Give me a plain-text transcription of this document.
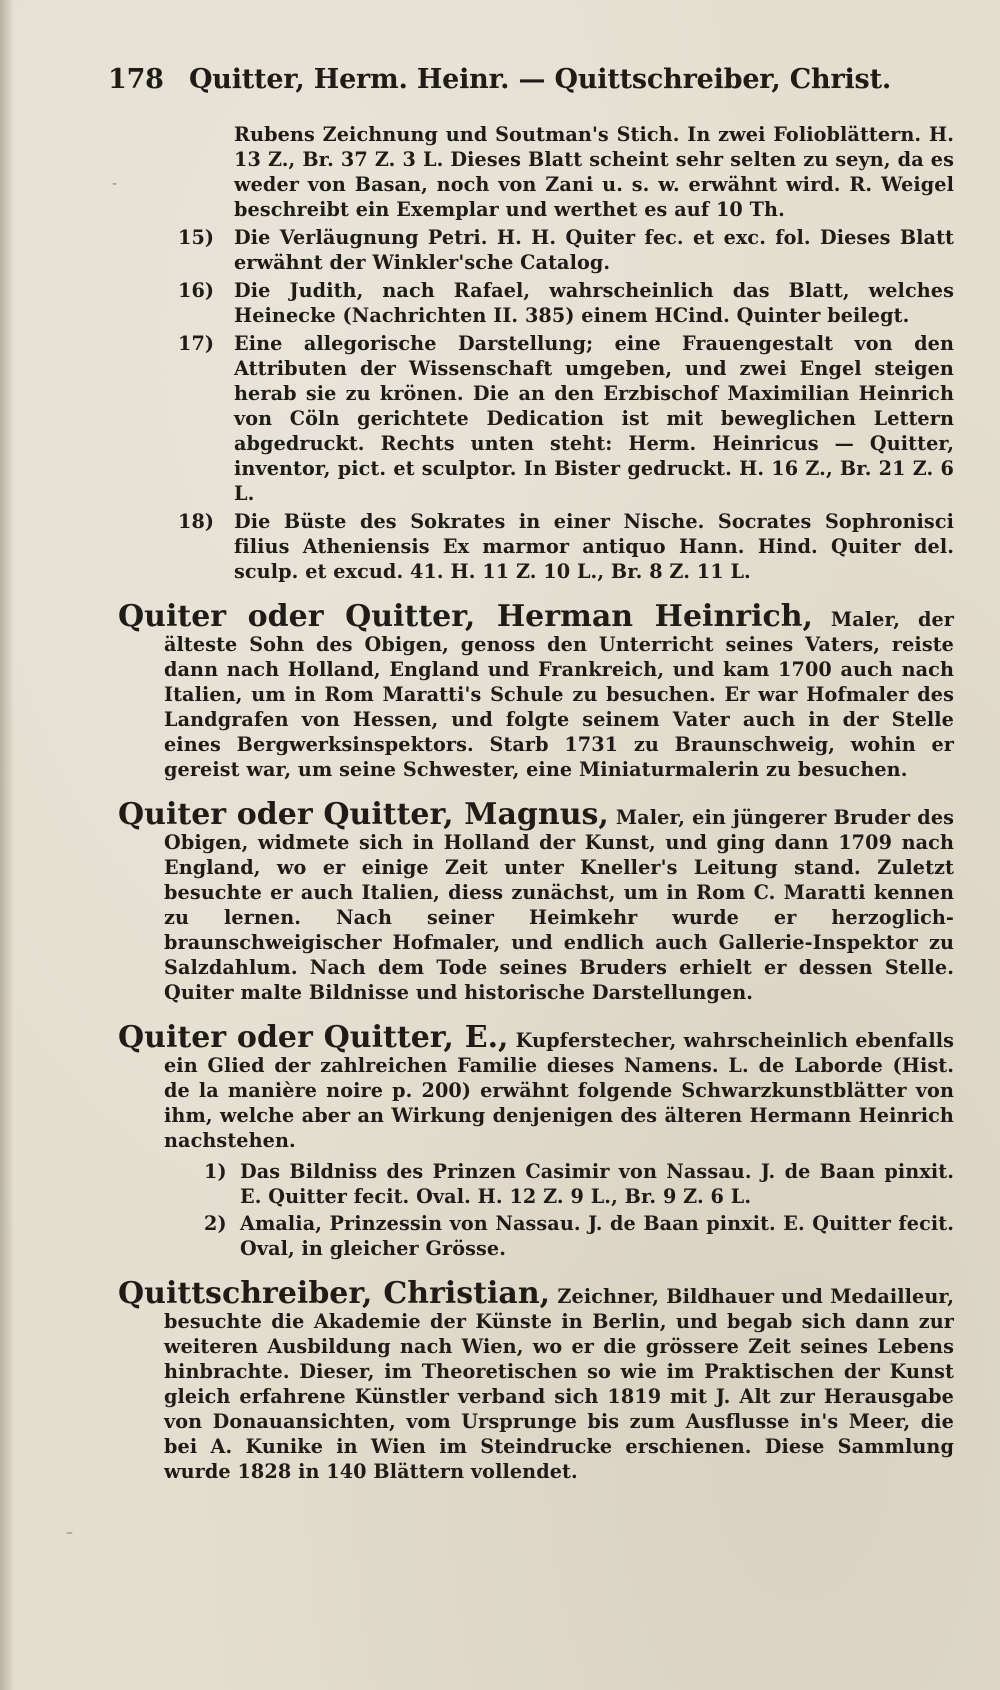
-
–
178 Quitter, Herm. Heinr. — Quittschreiber, Christ.
Rubens Zeichnung und Soutman's Stich. In zwei Folioblättern. H. 13 Z., Br. 37 Z. 3 L. Dieses Blatt scheint sehr selten zu seyn, da es weder von Basan, noch von Zani u. s. w. erwähnt wird. R. Weigel beschreibt ein Exemplar und werthet es auf 10 Th.
15) Die Verläugnung Petri. H. H. Quiter fec. et exc. fol. Dieses Blatt erwähnt der Winkler'sche Catalog.
16) Die Judith, nach Rafael, wahrscheinlich das Blatt, welches Heinecke (Nachrichten II. 385) einem HCind. Quinter beilegt.
17) Eine allegorische Darstellung; eine Frauengestalt von den Attributen der Wissenschaft umgeben, und zwei Engel steigen herab sie zu krönen. Die an den Erzbischof Maximilian Heinrich von Cöln gerichtete Dedication ist mit beweglichen Lettern abgedruckt. Rechts unten steht: Herm. Heinricus — Quitter, inventor, pict. et sculptor. In Bister gedruckt. H. 16 Z., Br. 21 Z. 6 L.
18) Die Büste des Sokrates in einer Nische. Socrates Sophronisci filius Atheniensis Ex marmor antiquo Hann. Hind. Quiter del. sculp. et excud. 41. H. 11 Z. 10 L., Br. 8 Z. 11 L.
Quiter oder Quitter, Herman Heinrich, Maler, der älteste Sohn des Obigen, genoss den Unterricht seines Vaters, reiste dann nach Holland, England und Frankreich, und kam 1700 auch nach Italien, um in Rom Maratti's Schule zu besuchen. Er war Hofmaler des Landgrafen von Hessen, und folgte seinem Vater auch in der Stelle eines Bergwerksinspektors. Starb 1731 zu Braunschweig, wohin er gereist war, um seine Schwester, eine Miniaturmalerin zu besuchen.
Quiter oder Quitter, Magnus, Maler, ein jüngerer Bruder des Obigen, widmete sich in Holland der Kunst, und ging dann 1709 nach England, wo er einige Zeit unter Kneller's Leitung stand. Zuletzt besuchte er auch Italien, diess zunächst, um in Rom C. Maratti kennen zu lernen. Nach seiner Heimkehr wurde er herzoglich-braunschweigischer Hofmaler, und endlich auch Gallerie-Inspektor zu Salzdahlum. Nach dem Tode seines Bruders erhielt er dessen Stelle. Quiter malte Bildnisse und historische Darstellungen.
Quiter oder Quitter, E., Kupferstecher, wahrscheinlich ebenfalls ein Glied der zahlreichen Familie dieses Namens. L. de Laborde (Hist. de la manière noire p. 200) erwähnt folgende Schwarzkunstblätter von ihm, welche aber an Wirkung denjenigen des älteren Hermann Heinrich nachstehen.
1) Das Bildniss des Prinzen Casimir von Nassau. J. de Baan pinxit. E. Quitter fecit. Oval. H. 12 Z. 9 L., Br. 9 Z. 6 L.
2) Amalia, Prinzessin von Nassau. J. de Baan pinxit. E. Quitter fecit. Oval, in gleicher Grösse.
Quittschreiber, Christian, Zeichner, Bildhauer und Medailleur, besuchte die Akademie der Künste in Berlin, und begab sich dann zur weiteren Ausbildung nach Wien, wo er die grössere Zeit seines Lebens hinbrachte. Dieser, im Theoretischen so wie im Praktischen der Kunst gleich erfahrene Künstler verband sich 1819 mit J. Alt zur Herausgabe von Donauansichten, vom Ursprunge bis zum Ausflusse in's Meer, die bei A. Kunike in Wien im Steindrucke erschienen. Diese Sammlung wurde 1828 in 140 Blättern vollendet.
